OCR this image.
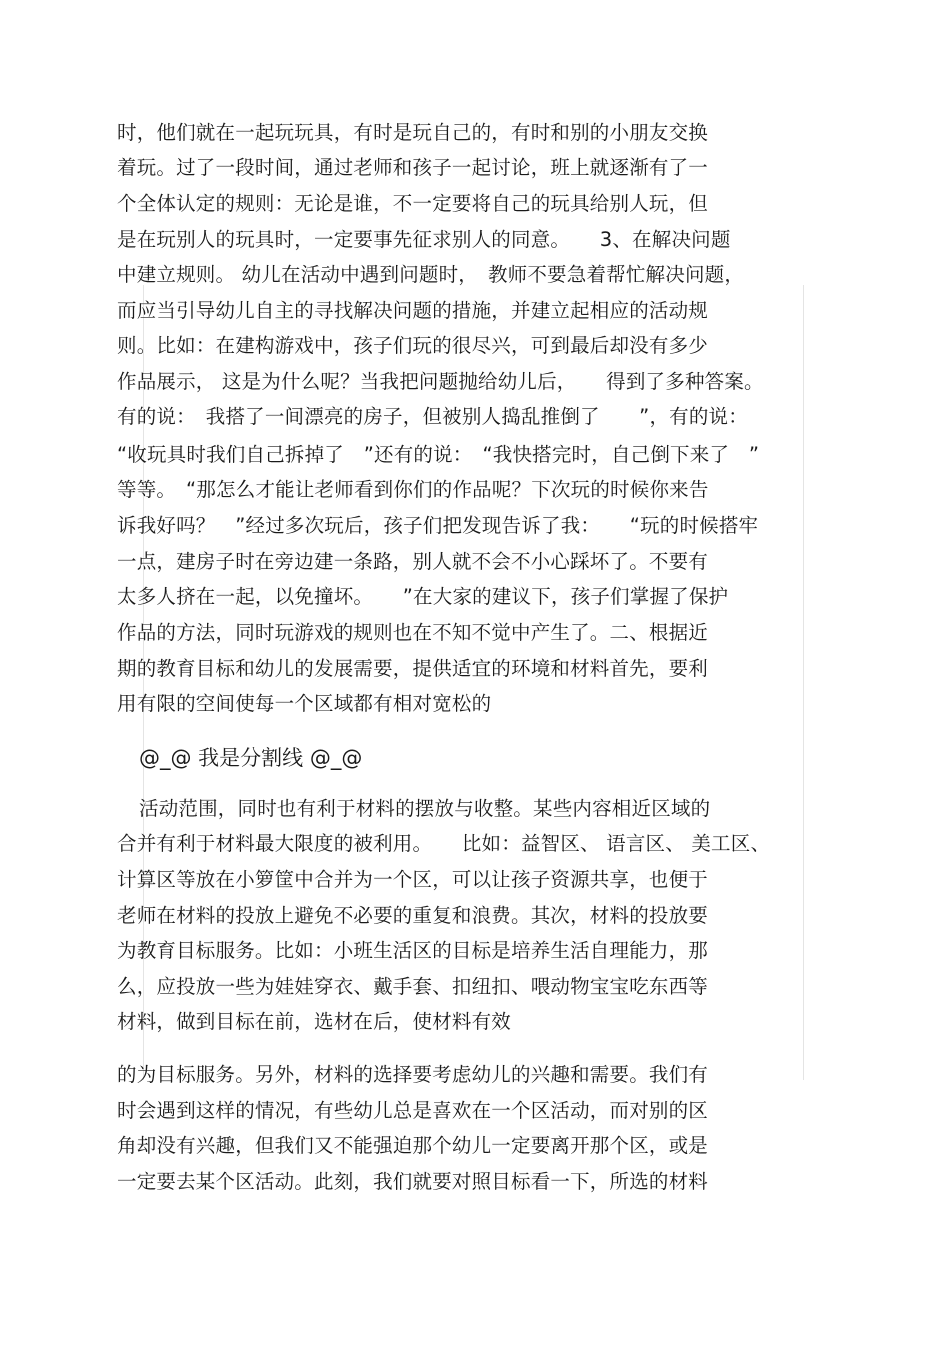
时，他们就在一起玩玩具，有时是玩自己的，有时和别的小朋友交换
着玩。过了一段时间，通过老师和孩子一起讨论，班上就逐渐有了一
个全体认定的规则：无论是谁，不一定要将自己的玩具给别人玩，但
是在玩别人的玩具时，一定要事先征求别人的同意。　　3、在解决问题
中建立规则。 幼儿在活动中遇到问题时，　教师不要急着帮忙解决问题，
而应当引导幼儿自主的寻找解决问题的措施，并建立起相应的活动规
则。比如：在建构游戏中，孩子们玩的很尽兴，可到最后却没有多少
作品展示， 这是为什么呢？当我把问题抛给幼儿后，　　得到了多种答案。
有的说：　我搭了一间漂亮的房子，但被别人捣乱推倒了　　”，有的说：
“收玩具时我们自己拆掉了　”还有的说：　“我快搭完时，自己倒下来了　”
等等。　“那怎么才能让老师看到你们的作品呢？下次玩的时候你来告
诉我好吗？　”经过多次玩后，孩子们把发现告诉了我：　　“玩的时候搭牢
一点，建房子时在旁边建一条路，别人就不会不小心踩坏了。不要有
太多人挤在一起，以免撞坏。　　”在大家的建议下，孩子们掌握了保护
作品的方法，同时玩游戏的规则也在不知不觉中产生了。二、根据近
期的教育目标和幼儿的发展需要，提供适宜的环境和材料首先，要利
用有限的空间使每一个区域都有相对宽松的
@_@ 我是分割线 @_@
活动范围，同时也有利于材料的摆放与收整。某些内容相近区域的
合并有利于材料最大限度的被利用。　　比如：益智区、 语言区、 美工区、
计算区等放在小箩筐中合并为一个区，可以让孩子资源共享，也便于
老师在材料的投放上避免不必要的重复和浪费。其次，材料的投放要
为教育目标服务。比如：小班生活区的目标是培养生活自理能力，那
么，应投放一些为娃娃穿衣、戴手套、扣纽扣、喂动物宝宝吃东西等
材料，做到目标在前，选材在后，使材料有效
的为目标服务。另外，材料的选择要考虑幼儿的兴趣和需要。我们有
时会遇到这样的情况，有些幼儿总是喜欢在一个区活动，而对别的区
角却没有兴趣，但我们又不能强迫那个幼儿一定要离开那个区，或是
一定要去某个区活动。此刻，我们就要对照目标看一下，所选的材料
